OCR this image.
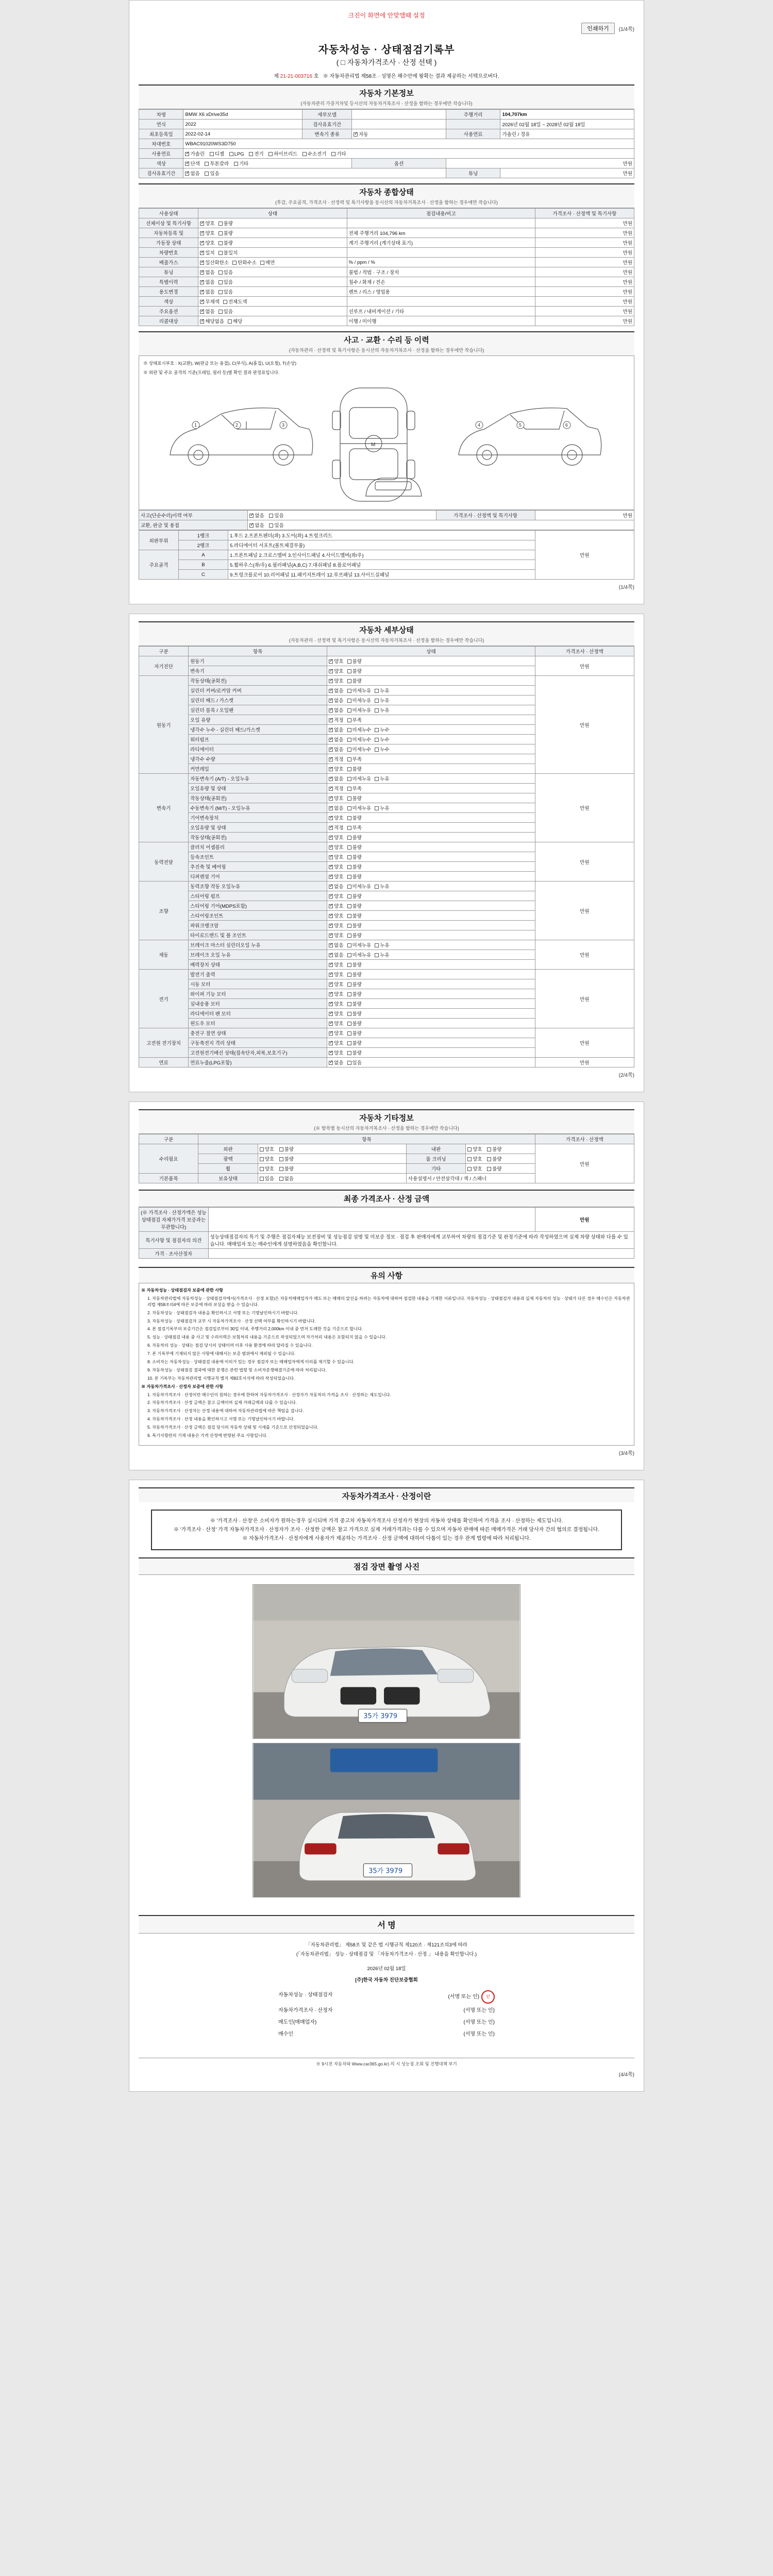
크진이 화면에 안맞앨때 설정
인쇄하기	(1/4쪽)
자동차성능 · 상태점검기록부
( □ 자동차가격조사 · 산정 선택 )
제 21-21-003716 호 ※ 자동차관리법 제58조 · 성명은 해수안에 왕확는 결과 제공하는 서택으로버다.
자동차 기본정보
(자동차관리 가중거차및 등시산의 자동차거복조사 · 산정을 함하는 경우에만 작습니다)
차명	BMW X6 xDrive35d	세부모델		주행거리	104,707km
연식	2022	검사유효기간			2026년 02월 18일 ~ 2028년 02월 18일
최초등록일	2022-02-14	변속기 종류	✓자동	사용연료	가솔린 / 경유
차대번호	WBAC91020WS3D750				
사용연료	✓가솔린 디젤 LPG 전기 하이브리드 수소전기 기타
색상	✓단색 투톤칼라 기타		옵션	만원	
검사유효기간	✓없음 있음			튜닝	만원
자동차 종합상태
(후감, 주요골격, 가격조사 · 산정력 및 특기사항을 동시산의 자동차거복조사 · 산정을 함하는 경우에만 작습니다)
사용상태	상태	점검내용/비고	가격조사 · 산정액 및 특기사항
선체이상 및 특기사항	✓양호 불량		만원
자동차등록 및	✓양호 불량	전체 주행거리 104,796 km	만원
가동장 상태	✓양호 불량	계기 주행거리 (계기상태 표기)	만원
차량번호	✓일치 불일치		만원
배출가스	✓일산화탄소 탄화수소 매연	% / ppm / %	만원
튜닝	✓없음 있음	불법 / 적법 · 구조 / 장치	만원
특별이력	✓없음 있음	침수 / 화재 / 전손	만원
용도변경	✓없음 있음	렌트 / 리스 / 영업용	만원
색상	✓무채색 전체도색		만원
주요옵션	✓없음 있음	선루프 / 내비게이션 / 기타	만원
리콜대상	✓해당없음 해당	이행 / 미이행	만원
사고 · 교환 · 수리 등 이력
(자동차관리 · 산정력 및 특기사항은 동시산의 자동차거복조사 · 산정을 함하는 경우에만 작습니다)
※ 상태표시부호 : X(교환), W(판금 또는 용접), C(부식), A(흠집), U(요철), T(손상)
※ 외판 및 주요 골격의 기준(프레임, 필러 등)별 확인 결과 판정표입니다.
M
1	2	3	4	5	6
사고(단순수리)이력 여부	✓없음 있음	가격조사 · 산정액 및 특기사항	만원
교환, 판금 및 용접	✓없음 있음
외판부위	1랭크	1.후드 2.프론트펜더(좌) 3.도어(좌) 4.트렁크리드	만원
	2랭크	5.라디에이터 서포트(볼트체결부품)	
주요골격	A	1.프론트패널 2.크로스멤버 3.인사이드패널 4.사이드멤버(좌/우)	
	B	5.휠하우스(좌/우) 6.필러패널(A,B,C) 7.대쉬패널 8.플로어패널	
	C	9.트렁크플로어 10.리어패널 11.패키지트레이 12.루프패널 13.사이드실패널	
(1/4쪽)
자동차 세부상태
(자동차관리 · 산정력 및 특기사항은 동시산의 자동차거복조사 · 산정을 함하는 경우에만 작습니다)
구분	항목	상태	가격조사 · 산정액
자기진단	원동기	✓양호 불량	만원
	변속기	✓양호 불량
원동기	작동상태(공회전)	✓양호 불량	만원
	실린더 커버/로커암 커버	✓없음 미세누유 누유
	실린더 헤드 / 가스켓	✓없음 미세누유 누유
	실린더 블록 / 오일팬	✓없음 미세누유 누유
	오일 유량	✓적정 부족
	냉각수 누수 - 실린더 헤드/가스켓	✓없음 미세누수 누수
	워터펌프	✓없음 미세누수 누수
	라디에이터	✓없음 미세누수 누수
	냉각수 수량	✓적정 부족
	커먼레일	✓양호 불량
변속기	자동변속기 (A/T) - 오일누유	✓없음 미세누유 누유	만원
	오일유량 및 상태	✓적정 부족
	작동상태(공회전)	✓양호 불량
	수동변속기 (M/T) - 오일누유	✓없음 미세누유 누유
	기어변속장치	✓양호 불량
	오일유량 및 상태	✓적정 부족
	작동상태(공회전)	✓양호 불량
동력전달	클러치 어셈블리	✓양호 불량	만원
	등속조인트	✓양호 불량
	추진축 및 베어링	✓양호 불량
	디퍼렌셜 기어	✓양호 불량
조향	동력조향 작동 오일누유	✓없음 미세누유 누유	만원
	스티어링 펌프	✓양호 불량
	스티어링 기어(MDPS포함)	✓양호 불량
	스티어링조인트	✓양호 불량
	파워크랭크암	✓양호 불량
	타이로드엔드 및 볼 조인트	✓양호 불량
제동	브레이크 마스터 실린더오일 누유	✓없음 미세누유 누유	만원
	브레이크 오일 누유	✓없음 미세누유 누유
	배력장치 상태	✓양호 불량
전기	발전기 출력	✓양호 불량	만원
	시동 모터	✓양호 불량
	와이퍼 기능 모터	✓양호 불량
	실내송풍 모터	✓양호 불량
	라디에이터 팬 모터	✓양호 불량
	윈도우 모터	✓양호 불량
고전원 전기장치	충전구 절연 상태	✓양호 불량	만원
	구동축전지 격리 상태	✓양호 불량
	고전원전기배선 상태(접속단자,피복,보호기구)	✓양호 불량
연료	연료누출(LPG포함)	✓없음 있음	만원
(2/4쪽)
자동차 기타정보
(※ 항목별 동시산의 자동차거복조사 · 산정을 함하는 경우에만 작습니다)
구분	항목				가격조사 · 산정액
수리필요	외판	양호 불량	내판	양호 불량	만원
	광택	양호 불량	룸 크리닝	양호 불량	
	휠	양호 불량	기타	양호 불량	
기본품목	보유상태	있음 없음	사용설명서 / 안전삼각대 / 잭 / 스패너		
최종 가격조사 · 산정 금액
(※ 가격조사 · 산정가액은 성능상태점검 자체가가격 보증과는 무관합니다)		만원
특기사항 및 점검자의 의견	성능상태점검자의 특기 및 주행은 점검자체능 보전장비 및 성능점검 설명 및 미보증 정보 · 점검 후 판매자에게 교부하여 차량의 점검기준 및 판정기준에 따라 작성하였으며 실제 차량 상태와 다를 수 있습니다. 매매업자 또는 매수인에게 설명하였음을 확인합니다.	
가격 · 조사산정자		
유의 사항

※ 자동차성능 · 상태점검자 보증에 관한 사항

1. 자동차관리법에 자동차성능 · 상태점검자에서(가격조사 · 산정 포함)은 자동차매매업자가 매도 또는 매매의 알선을 하려는 자동차에 대하여 점검한 내용을 기재한 서류입니다. 자동차성능 · 상태점검자 내용과 실제 자동차의 성능 · 상태가 다른 경우 매수인은 자동차관리법 제58조의4에 따른 보증에 따라 보상을 받을 수 있습니다.

2. 자동차성능 · 상태점검자 내용을 확인하시고 서명 또는 기명날인하시기 바랍니다.

3. 자동차성능 · 상태점검자 교부 시 자동차가격조사 · 산정 선택 여부를 확인하시기 바랍니다.

4. 본 점검기록부의 보증기간은 점검일로부터 30일 이내, 주행거리 2,000km 이내 중 먼저 도래한 것을 기준으로 합니다.

5. 성능 · 상태점검 내용 중 사고 및 수리이력은 보험처리 내용을 기준으로 작성되었으며 자가처리 내용은 포함되지 않을 수 있습니다.

6. 자동차의 성능 · 상태는 점검 당시의 상태이며 이후 사용 환경에 따라 달라질 수 있습니다.

7. 본 기록부에 기재되지 않은 사항에 대해서는 보증 범위에서 제외될 수 있습니다.

8. 소비자는 자동차성능 · 상태점검 내용에 이의가 있는 경우 점검자 또는 매매업자에게 이의를 제기할 수 있습니다.

9. 자동차성능 · 상태점검 결과에 대한 분쟁은 관련 법령 및 소비자분쟁해결기준에 따라 처리됩니다.

10. 본 기록부는 자동차관리법 시행규칙 별지 제82호서식에 따라 작성되었습니다.

※ 자동차가격조사 · 산정자 보증에 관한 사항

1. 자동차가격조사 · 산정이란 매수인이 원하는 경우에 한하여 자동차가격조사 · 산정자가 자동차의 가격을 조사 · 산정하는 제도입니다.

2. 자동차가격조사 · 산정 금액은 참고 금액이며 실제 거래금액과 다를 수 있습니다.

3. 자동차가격조사 · 산정자는 산정 내용에 대하여 자동차관리법에 따른 책임을 집니다.

4. 자동차가격조사 · 산정 내용을 확인하시고 서명 또는 기명날인하시기 바랍니다.

5. 자동차가격조사 · 산정 금액은 점검 당시의 자동차 상태 및 시세를 기준으로 산정되었습니다.

6. 특기사항란의 기재 내용은 가격 산정에 반영된 주요 사항입니다.

(3/4쪽)
자동차가격조사 · 산정이란
※ '가격조사 · 산정'은 소비자가 원하는경우 실시되며 가격 중고차 자동차가격조사 산정자가 현장의 자동차 상태를 확인하여 가격을 조사 · 산정하는 제도입니다.
※ '가격조사 · 산정' 가격 자동차가격조사 · 산정자가 조사 · 산정한 금액은 참고 가격으로 실제 거래가격과는 다를 수 있으며 자동차 판매에 따른 매매가격은 거래 당사자 간의 협의로 결정됩니다.
※ 자동차가격조사 · 산정자에게 사용자가 제공하는 가격조사 · 산정 금액에 대하여 다툼이 있는 경우 관계 법령에 따라 처리됩니다.
점검 장면 촬영 사진
35가 3979
35가 3979
서 명
「자동차관리법」 제58조 및 같은 법 시행규칙 제120조 · 제121조의3에 따라
(「자동차관리법」 성능 · 상태점검 및 「자동차가격조사 · 산정 」 내용을 확인합니다.)
2026년 02월 18일
[주]한국 자동차 진단보증협회
자동차성능 · 상태점검자	(서명 또는 인) 인
자동차가격조사 · 산정자	(서명 또는 인)
매도인(매매업자)	(서명 또는 인)
매수인	(서명 또는 인)
※ 9시전 자동차와 Www.car365.go.kr) 의 시 성능점 조회 및 진행대책 부기
(4/4쪽)
